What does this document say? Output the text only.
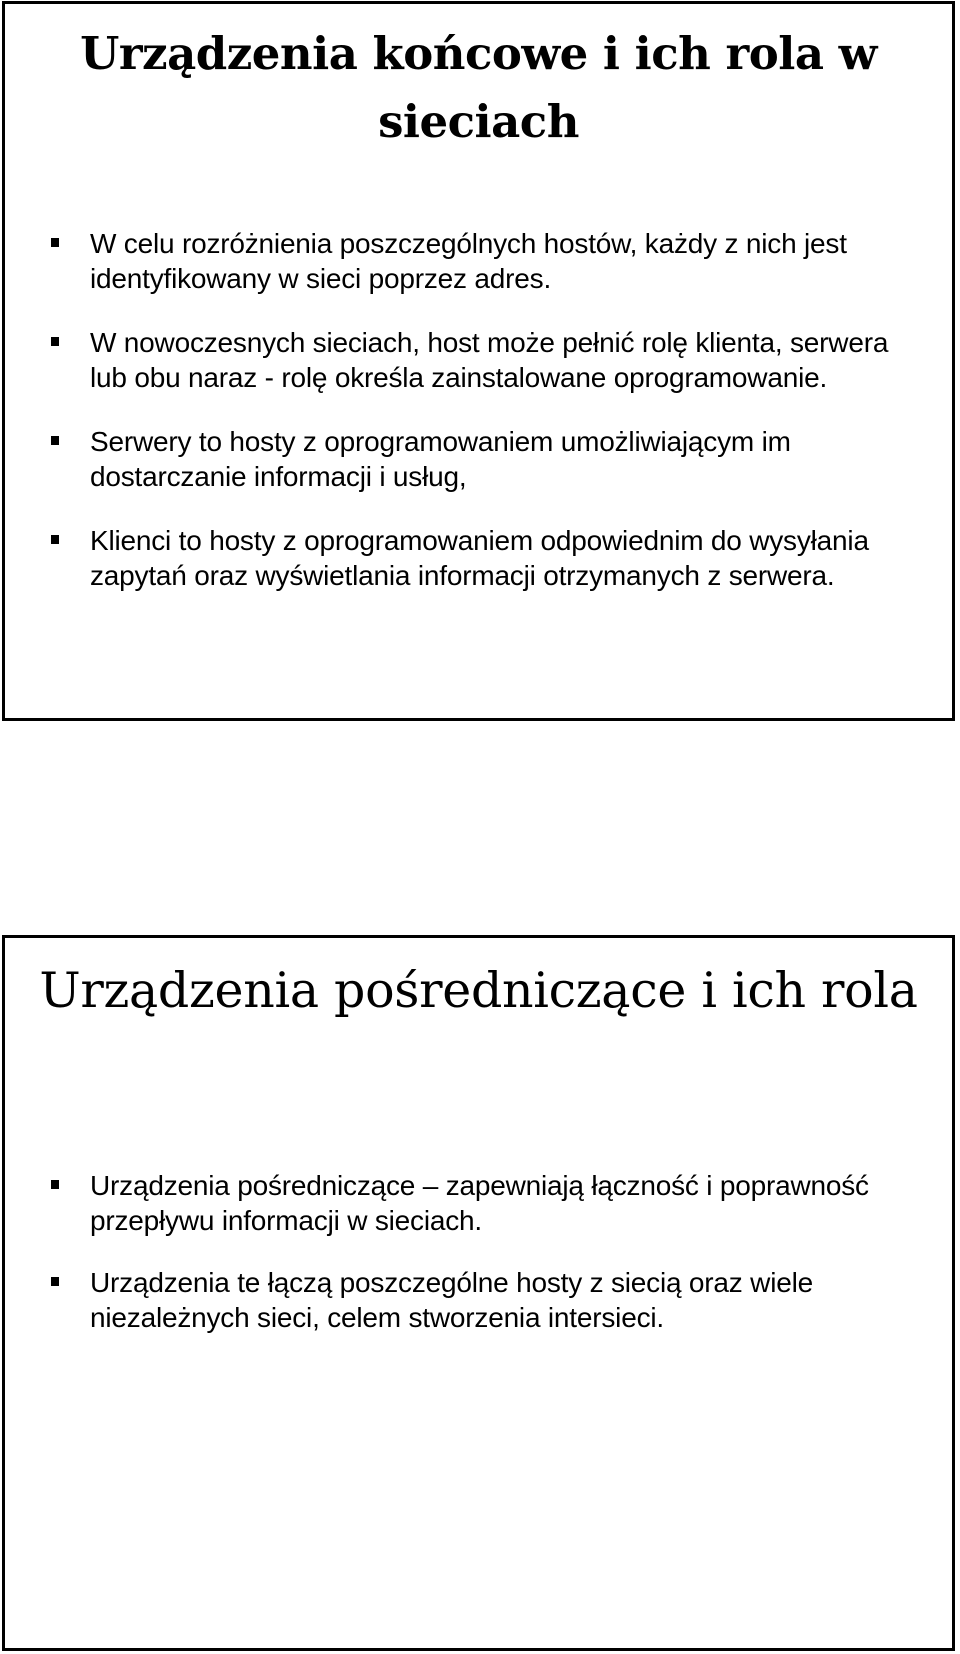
Urządzenia końcowe i ich rola w sieciach
W celu rozróżnienia poszczególnych hostów, każdy z nich jest identyfikowany w sieci poprzez adres.
W nowoczesnych sieciach, host może pełnić rolę klienta, serwera lub obu naraz - rolę określa zainstalowane oprogramowanie.
Serwery to hosty z oprogramowaniem umożliwiającym im dostarczanie informacji i usług,
Klienci to hosty z oprogramowaniem odpowiednim do wysyłania zapytań oraz wyświetlania informacji otrzymanych z serwera.
Urządzenia pośredniczące i ich rola
Urządzenia pośredniczące – zapewniają łączność i poprawność przepływu informacji w sieciach.
Urządzenia te łączą poszczególne hosty z siecią oraz wiele niezależnych sieci, celem stworzenia intersieci.
